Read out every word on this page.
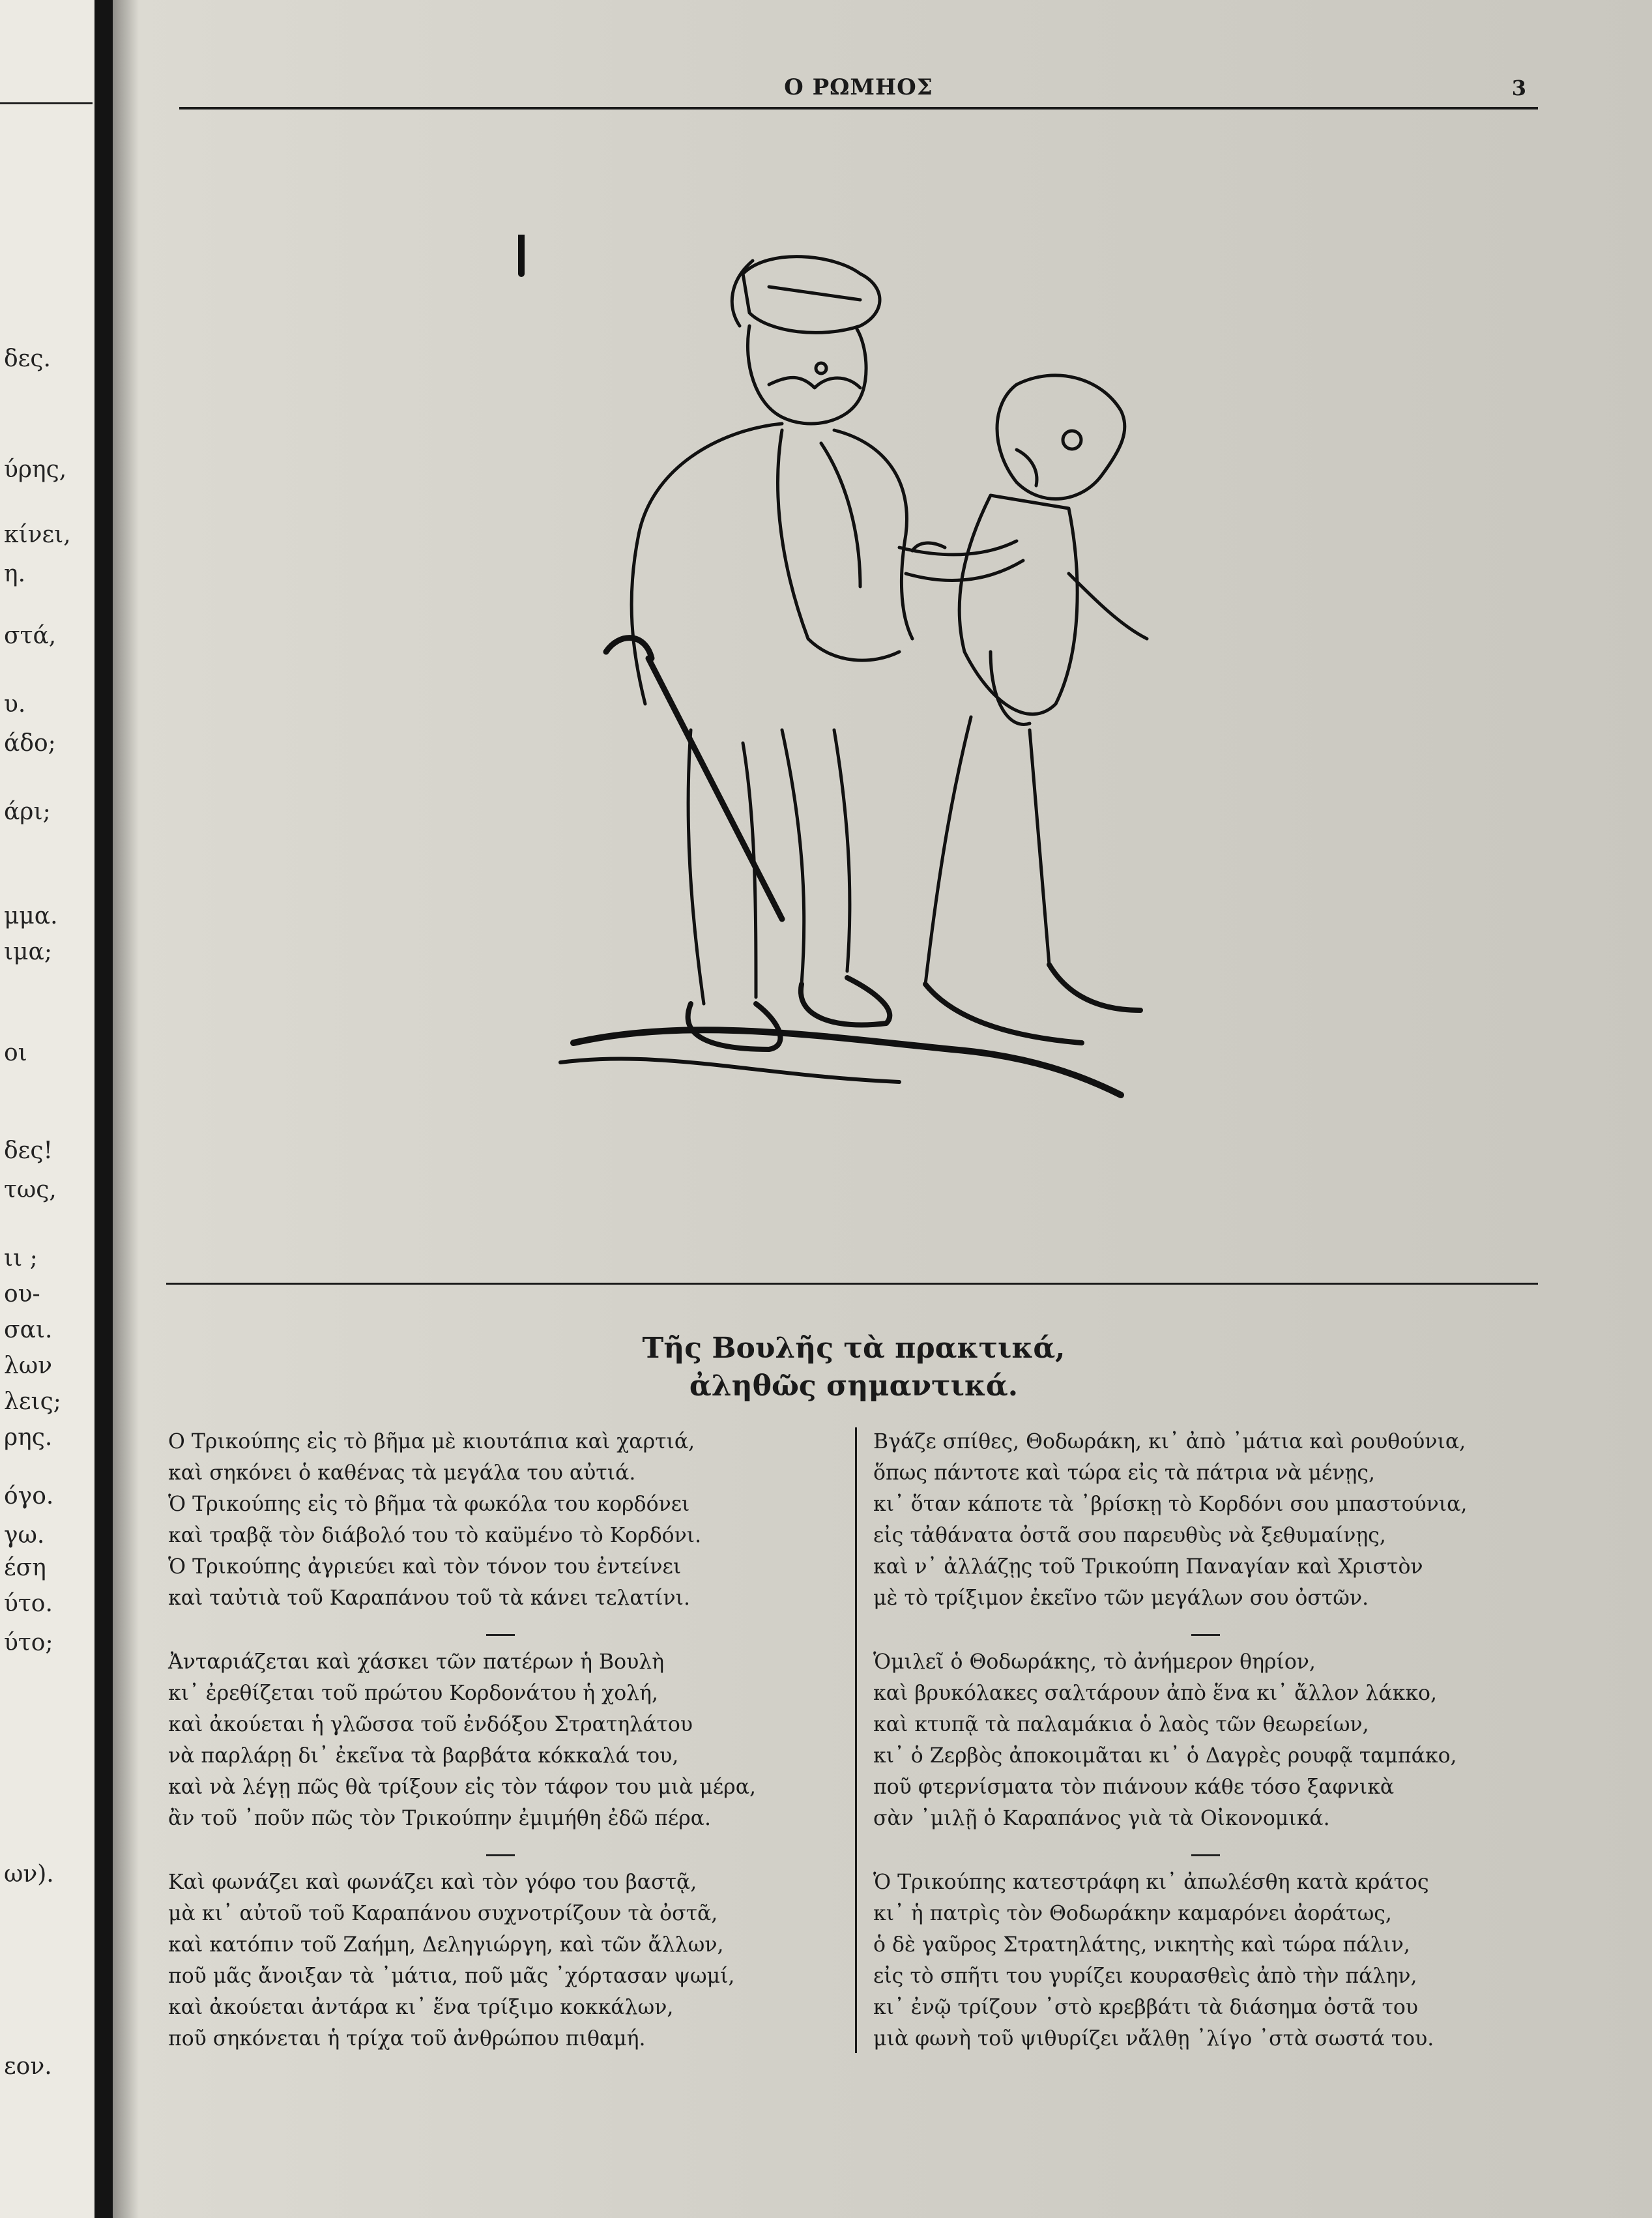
δες.
ύρης,
κίνει,
η.
στά,
υ.
άδο;
άρι;
μμα.
ιμα;
οι
δες!
τως,
ιι ;
ου-
σαι.
λων
λεις;
ρης.
όγο.
γω.
έση
ύτο.
ύτο;
ων).
εον.
Ο ΡΩΜΗΟΣ	3
Τῆς Βουλῆς τὰ πρακτικά,
ἀληθῶς σημαντικά.
Ο Τρικούπης εἰς τὸ βῆμα μὲ κιουτάπια καὶ χαρτιά,
καὶ σηκόνει ὁ καθένας τὰ μεγάλα του αὐτιά.
Ὁ Τρικούπης εἰς τὸ βῆμα τὰ φωκόλα του κορδόνει
καὶ τραβᾷ τὸν διάβολό του τὸ καϋμένο τὸ Κορδόνι.
Ὁ Τρικούπης ἀγριεύει καὶ τὸν τόνον του ἐντείνει
καὶ ταὐτιὰ τοῦ Καραπάνου τοῦ τὰ κάνει τελατίνι.
Ἀνταριάζεται καὶ χάσκει τῶν πατέρων ἡ Βουλὴ
κι᾽ ἐρεθίζεται τοῦ πρώτου Κορδονάτου ἡ χολή,
καὶ ἀκούεται ἡ γλῶσσα τοῦ ἐνδόξου Στρατηλάτου
νὰ παρλάρῃ δι᾽ ἐκεῖνα τὰ βαρβάτα κόκκαλά του,
καὶ νὰ λέγῃ πῶς θὰ τρίξουν εἰς τὸν τάφον του μιὰ μέρα,
ἂν τοῦ ᾽ποῦν πῶς τὸν Τρικούπην ἐμιμήθη ἐδῶ πέρα.
Καὶ φωνάζει καὶ φωνάζει καὶ τὸν γόφο του βαστᾷ,
μὰ κι᾽ αὐτοῦ τοῦ Καραπάνου συχνοτρίζουν τὰ ὀστᾶ,
καὶ κατόπιν τοῦ Ζαήμη, Δεληγιώργη, καὶ τῶν ἄλλων,
ποῦ μᾶς ἄνοιξαν τὰ ᾽μάτια, ποῦ μᾶς ᾽χόρτασαν ψωμί,
καὶ ἀκούεται ἀντάρα κι᾽ ἕνα τρίξιμο κοκκάλων,
ποῦ σηκόνεται ἡ τρίχα τοῦ ἀνθρώπου πιθαμή.
Βγάζε σπίθες, Θοδωράκη, κι᾽ ἀπὸ ᾽μάτια καὶ ρουθούνια,
ὅπως πάντοτε καὶ τώρα εἰς τὰ πάτρια νὰ μένῃς,
κι᾽ ὅταν κάποτε τὰ ᾽βρίσκῃ τὸ Κορδόνι σου μπαστούνια,
εἰς τἀθάνατα ὀστᾶ σου παρευθὺς νὰ ξεθυμαίνῃς,
καὶ ν᾽ ἀλλάζῃς τοῦ Τρικούπη Παναγίαν καὶ Χριστὸν
μὲ τὸ τρίξιμον ἐκεῖνο τῶν μεγάλων σου ὀστῶν.
Ὁμιλεῖ ὁ Θοδωράκης, τὸ ἀνήμερον θηρίον,
καὶ βρυκόλακες σαλτάρουν ἀπὸ ἕνα κι᾽ ἄλλον λάκκο,
καὶ κτυπᾷ τὰ παλαμάκια ὁ λαὸς τῶν θεωρείων,
κι᾽ ὁ Ζερβὸς ἀποκοιμᾶται κι᾽ ὁ Δαγρὲς ρουφᾷ ταμπάκο,
ποῦ φτερνίσματα τὸν πιάνουν κάθε τόσο ξαφνικὰ
σὰν ᾽μιλῇ ὁ Καραπάνος γιὰ τὰ Οἰκονομικά.
Ὁ Τρικούπης κατεστράφη κι᾽ ἀπωλέσθη κατὰ κράτος
κι᾽ ἡ πατρὶς τὸν Θοδωράκην καμαρόνει ἀοράτως,
ὁ δὲ γαῦρος Στρατηλάτης, νικητὴς καὶ τώρα πάλιν,
εἰς τὸ σπῆτι του γυρίζει κουρασθεὶς ἀπὸ τὴν πάλην,
κι᾽ ἐνῷ τρίζουν ᾽στὸ κρεββάτι τὰ διάσημα ὀστᾶ του
μιὰ φωνὴ τοῦ ψιθυρίζει νἄλθῃ ᾽λίγο ᾽στὰ σωστά του.
